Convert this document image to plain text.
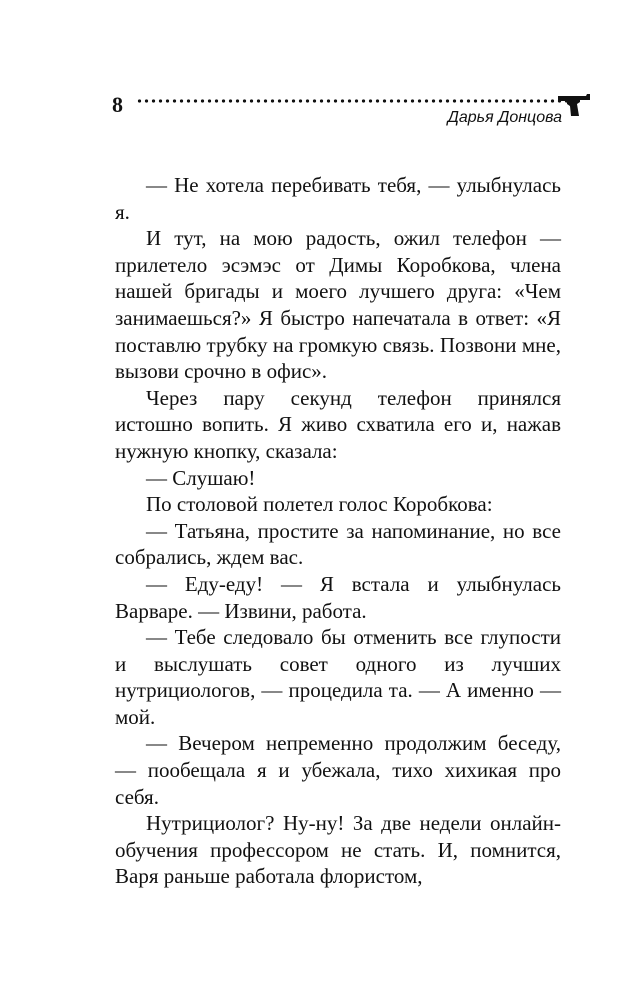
8
Дарья Донцова

— Не хотела перебивать тебя, — улыбнулась я.

И тут, на мою радость, ожил телефон — прилетело эсэмэс от Димы Коробкова, члена нашей бригады и моего лучшего друга: «Чем занимаешься?» Я быстро напечатала в ответ: «Я поставлю трубку на громкую связь. Позвони мне, вызови срочно в офис».

Через пару секунд телефон принялся истошно вопить. Я живо схватила его и, нажав нужную кнопку, сказала:

— Слушаю!

По столовой полетел голос Коробкова:

— Татьяна, простите за напоминание, но все собрались, ждем вас.

— Еду-еду! — Я встала и улыбнулась Варваре. — Извини, работа.

— Тебе следовало бы отменить все глупости и выслушать совет одного из лучших нутрициологов, — процедила та. — А именно — мой.

— Вечером непременно продолжим беседу, — пообещала я и убежала, тихо хихикая про себя.

Нутрициолог? Ну-ну! За две недели онлайн-обучения профессором не стать. И, помнится, Варя раньше работала флористом,
